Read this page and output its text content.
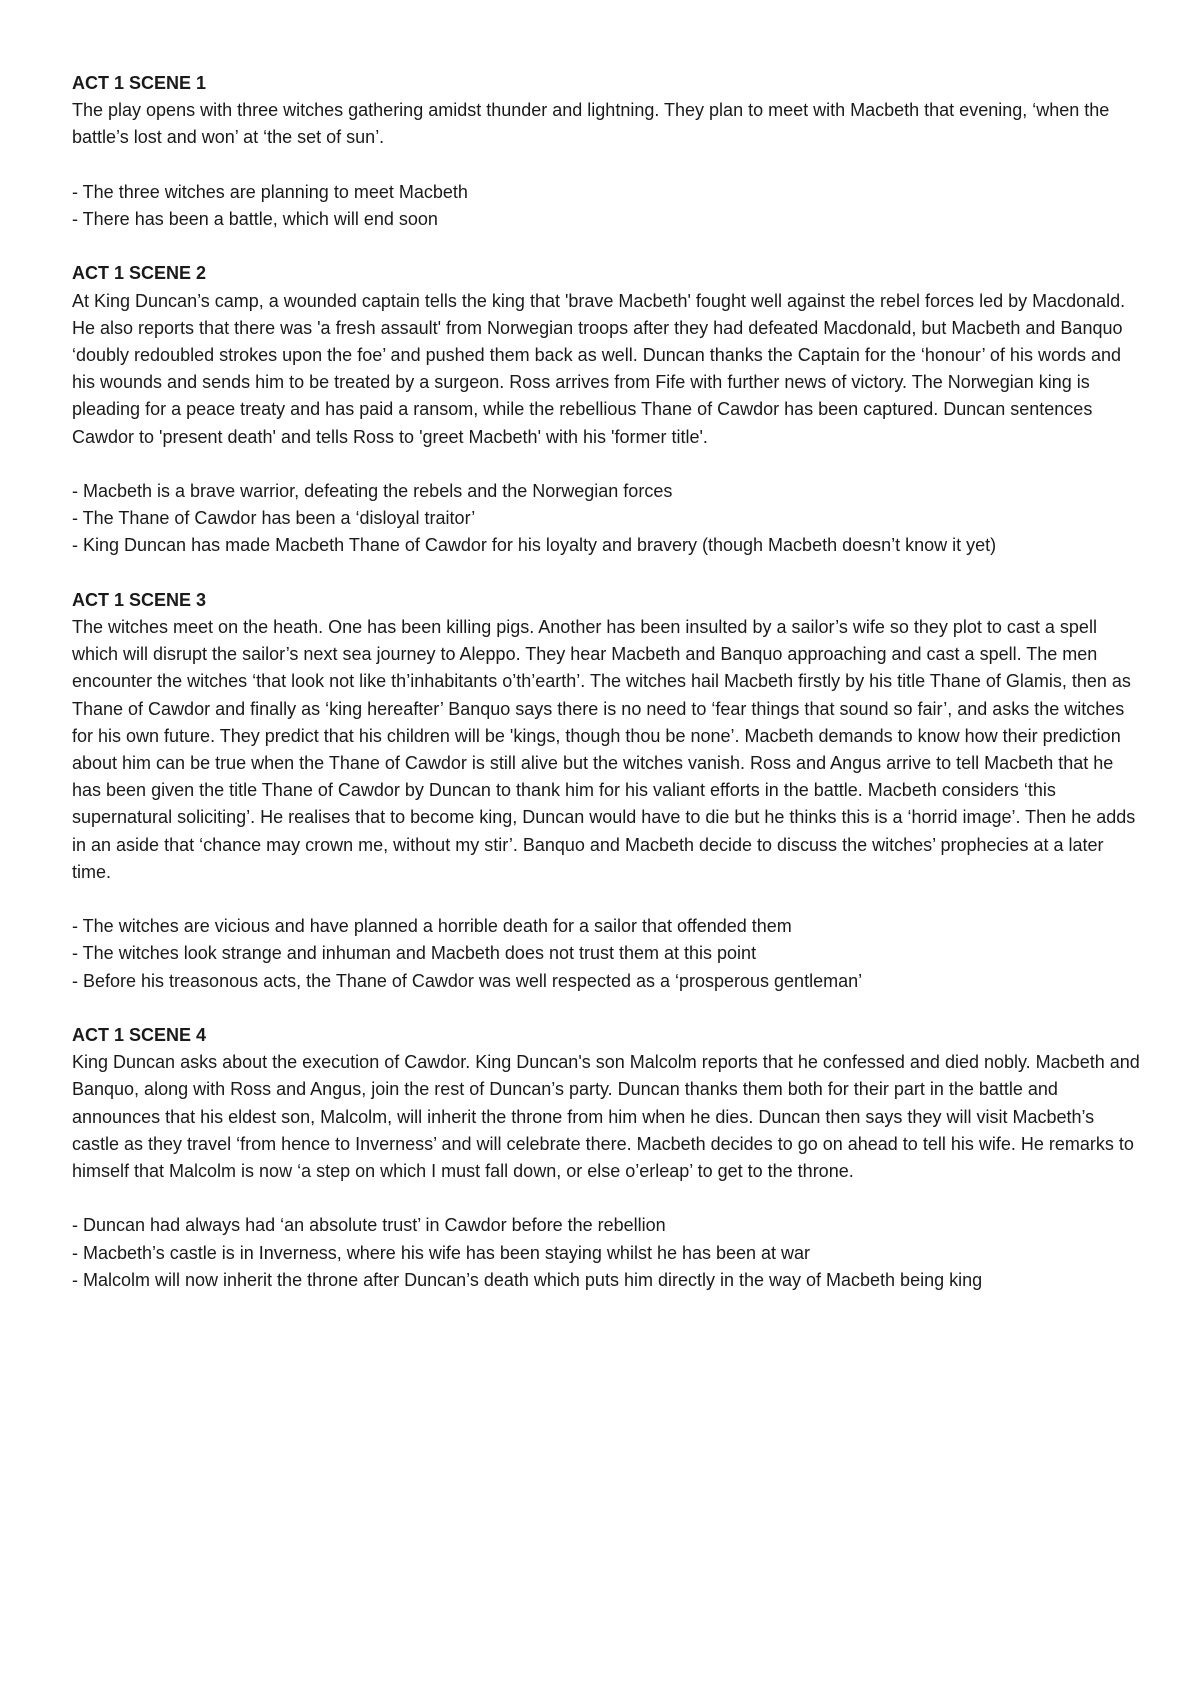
ACT 1 SCENE 1

The play opens with three witches gathering amidst thunder and lightning. They plan to meet with Macbeth that evening, ‘when the battle’s lost and won’ at ‘the set of sun’.

- The three witches are planning to meet Macbeth
- There has been a battle, which will end soon

ACT 1 SCENE 2

At King Duncan’s camp, a wounded captain tells the king that 'brave Macbeth' fought well against the rebel forces led by Macdonald. He also reports that there was 'a fresh assault' from Norwegian troops after they had defeated Macdonald, but Macbeth and Banquo ‘doubly redoubled strokes upon the foe’ and pushed them back as well. Duncan thanks the Captain for the ‘honour’ of his words and his wounds and sends him to be treated by a surgeon. Ross arrives from Fife with further news of victory. The Norwegian king is pleading for a peace treaty and has paid a ransom, while the rebellious Thane of Cawdor has been captured. Duncan sentences Cawdor to 'present death' and tells Ross to 'greet Macbeth' with his 'former title'.

- Macbeth is a brave warrior, defeating the rebels and the Norwegian forces
- The Thane of Cawdor has been a ‘disloyal traitor’
- King Duncan has made Macbeth Thane of Cawdor for his loyalty and bravery (though Macbeth doesn’t know it yet)

ACT 1 SCENE 3

The witches meet on the heath. One has been killing pigs. Another has been insulted by a sailor’s wife so they plot to cast a spell which will disrupt the sailor’s next sea journey to Aleppo. They hear Macbeth and Banquo approaching and cast a spell. The men encounter the witches ‘that look not like th’inhabitants o’th’earth’. The witches hail Macbeth firstly by his title Thane of Glamis, then as Thane of Cawdor and finally as ‘king hereafter’ Banquo says there is no need to ‘fear things that sound so fair’, and asks the witches for his own future. They predict that his children will be 'kings, though thou be none’. Macbeth demands to know how their prediction about him can be true when the Thane of Cawdor is still alive but the witches vanish. Ross and Angus arrive to tell Macbeth that he has been given the title Thane of Cawdor by Duncan to thank him for his valiant efforts in the battle. Macbeth considers ‘this supernatural soliciting’. He realises that to become king, Duncan would have to die but he thinks this is a ‘horrid image’. Then he adds in an aside that ‘chance may crown me, without my stir’. Banquo and Macbeth decide to discuss the witches’ prophecies at a later time.

- The witches are vicious and have planned a horrible death for a sailor that offended them
- The witches look strange and inhuman and Macbeth does not trust them at this point
- Before his treasonous acts, the Thane of Cawdor was well respected as a ‘prosperous gentleman’

ACT 1 SCENE 4

King Duncan asks about the execution of Cawdor. King Duncan's son Malcolm reports that he confessed and died nobly. Macbeth and Banquo, along with Ross and Angus, join the rest of Duncan’s party. Duncan thanks them both for their part in the battle and announces that his eldest son, Malcolm, will inherit the throne from him when he dies. Duncan then says they will visit Macbeth’s castle as they travel ‘from hence to Inverness’ and will celebrate there. Macbeth decides to go on ahead to tell his wife. He remarks to himself that Malcolm is now ‘a step on which I must fall down, or else o’erleap’ to get to the throne.

- Duncan had always had ‘an absolute trust’ in Cawdor before the rebellion
- Macbeth’s castle is in Inverness, where his wife has been staying whilst he has been at war
- Malcolm will now inherit the throne after Duncan’s death which puts him directly in the way of Macbeth being king
